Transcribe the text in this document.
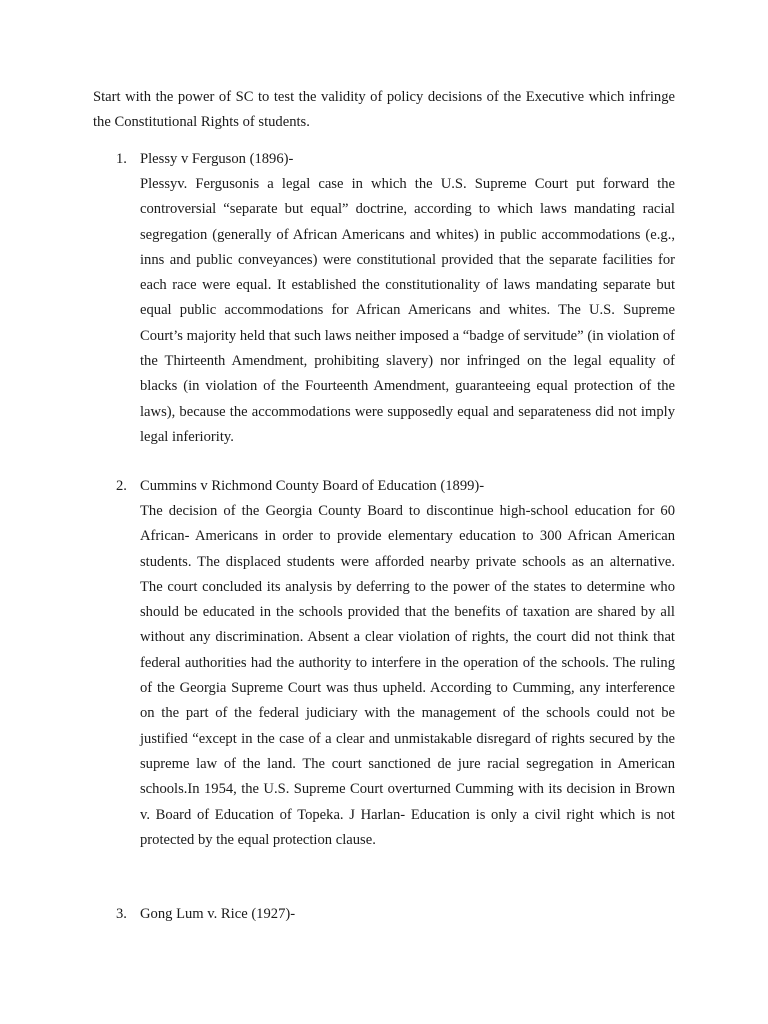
Start with the power of SC to test the validity of policy decisions of the Executive which infringe the Constitutional Rights of students.

1. Plessy v Ferguson (1896)-

Plessyv. Fergusonis a legal case in which the U.S. Supreme Court put forward the controversial “separate but equal” doctrine, according to which laws mandating racial segregation (generally of African Americans and whites) in public accommodations (e.g., inns and public conveyances) were constitutional provided that the separate facilities for each race were equal. It established the constitutionality of laws mandating separate but equal public accommodations for African Americans and whites. The U.S. Supreme Court’s majority held that such laws neither imposed a “badge of servitude” (in violation of the Thirteenth Amendment, prohibiting slavery) nor infringed on the legal equality of blacks (in violation of the Fourteenth Amendment, guaranteeing equal protection of the laws), because the accommodations were supposedly equal and separateness did not imply legal inferiority.

2. Cummins v Richmond County Board of Education (1899)-

The decision of the Georgia County Board to discontinue high-school education for 60 African- Americans in order to provide elementary education to 300 African American students. The displaced students were afforded nearby private schools as an alternative. The court concluded its analysis by deferring to the power of the states to determine who should be educated in the schools provided that the benefits of taxation are shared by all without any discrimination. Absent a clear violation of rights, the court did not think that federal authorities had the authority to interfere in the operation of the schools. The ruling of the Georgia Supreme Court was thus upheld. According to Cumming, any interference on the part of the federal judiciary with the management of the schools could not be justified “except in the case of a clear and unmistakable disregard of rights secured by the supreme law of the land. The court sanctioned de jure racial segregation in American schools.In 1954, the U.S. Supreme Court overturned Cumming with its decision in Brown v. Board of Education of Topeka. J Harlan- Education is only a civil right which is not protected by the equal protection clause.

3. Gong Lum v. Rice (1927)-
